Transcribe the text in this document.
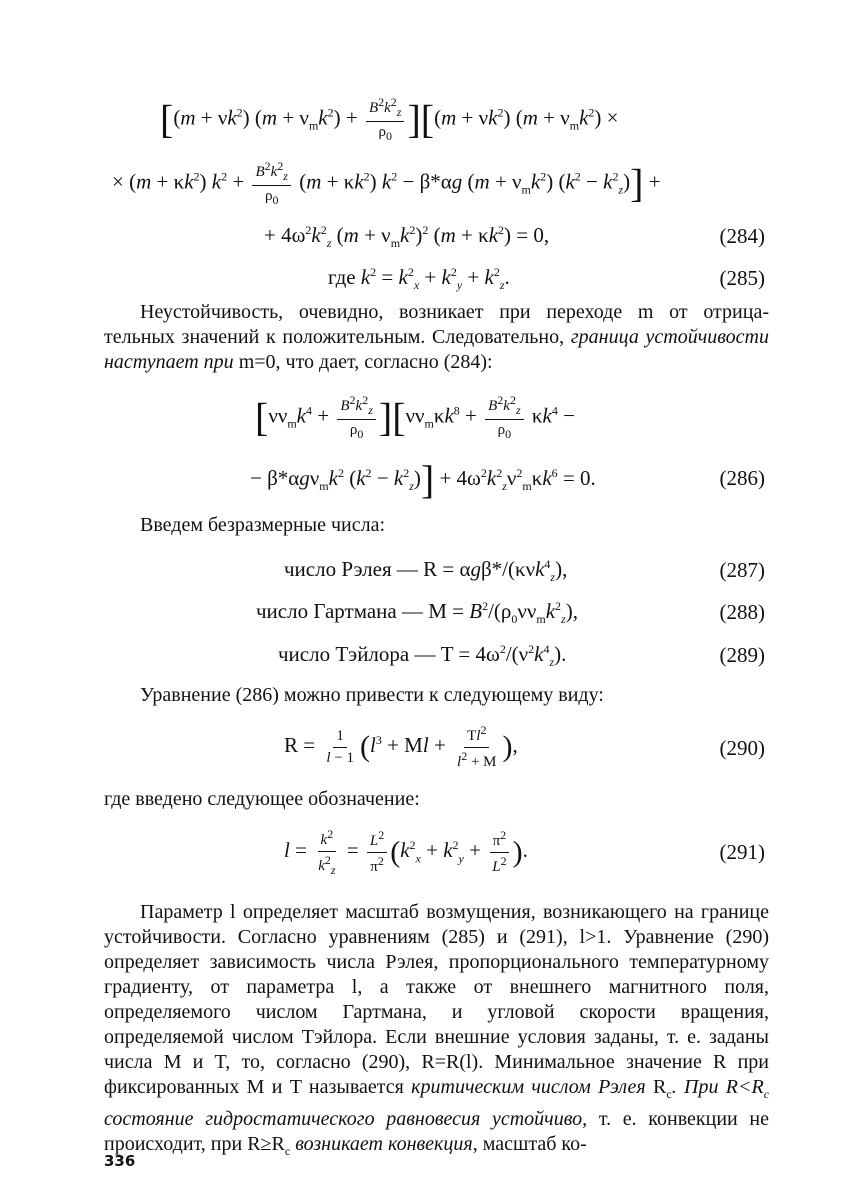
[$(m + \nu k^2)$ $(m + \nu_mk^2) + \frac{B^2k^2_z}{\rho_0} ][(m + \nu k^2)$ $(m + \nu_mk^2)$ ×
× $(m + \kappa k^2)$ $k^2 + \frac{B^2k^2_z}{\rho_0} (m + \kappa k^2) k^2 - \beta*\alpha g$ $(m + \nu_mk^2)$ $(k^2 - k^2_z)$] +
+ $4\omega^2k^2_z$ $(m + \nu_mk^2)^2$ $(m + \kappa k^2) = 0$,	(284)
где $k^2 = k^2_x + k^2_y + k^2_z$.	(285)
Неустойчивость, очевидно, возникает при переходе m от отрица- тельных значений к положительным. Следовательно, граница устойчивости наступает при m=0, что дает, согласно (284):
$[\nu\nu_mk^4 + \frac{B^2k^2_z}{\rho_0} ][\nu\nu_m\kappa k^8 + \frac{B^2k^2_z}{\rho_0} \kappa k^4$ −
− $\beta*\alpha g\nu_mk^2$ $(k^2 - k^2_z)] + 4\omega^2k^2_z\nu^2_m\kappa k^6 = 0$.	(286)
Введем безразмерные числа:
число Рэлея — R = αgβ*/(κνk$^4_z$),	(287)
число Гартмана — $M = B^2/(\rho_0\nu\nu_mk^2_z)$,	(288)
число Тэйлора — $T = 4\omega^2/(\nu^2k^4_z)$.	(289)
Уравнение (286) можно привести к следующему виду:
$R = \frac{1}{l - 1} (l^3 + Ml + \frac{Tl^2}{l^2 + M}$ ),	(290)
где введено следующее обозначение:
$l = \frac{k^2}{k^2_z} = \frac{L^2}{\pi^2} (k^2_x + k^2_y + \frac{\pi^2}{L^2}$ ).	(291)
Параметр l определяет масштаб возмущения, возникающего на границе устойчивости. Согласно уравнениям (285) и (291), l>1. Уравнение (290) определяет зависимость числа Рэлея, пропорционального температурному градиенту, от параметра l, а также от внешнего магнитного поля, определяемого числом Гартмана, и угловой скорости вращения, определяемой числом Тэйлора. Если внешние условия заданы, т. е. заданы числа M и T, то, согласно (290), R=R(l). Минимальное значение R при фиксированных M и T называется критическим числом Рэлея $R_c$. При $R<R_c$ состояние гидростатического равновесия устойчиво, т. е. конвекции не происходит, при $R\ge R_c$ возникает конвекция, масштаб ко-
336
